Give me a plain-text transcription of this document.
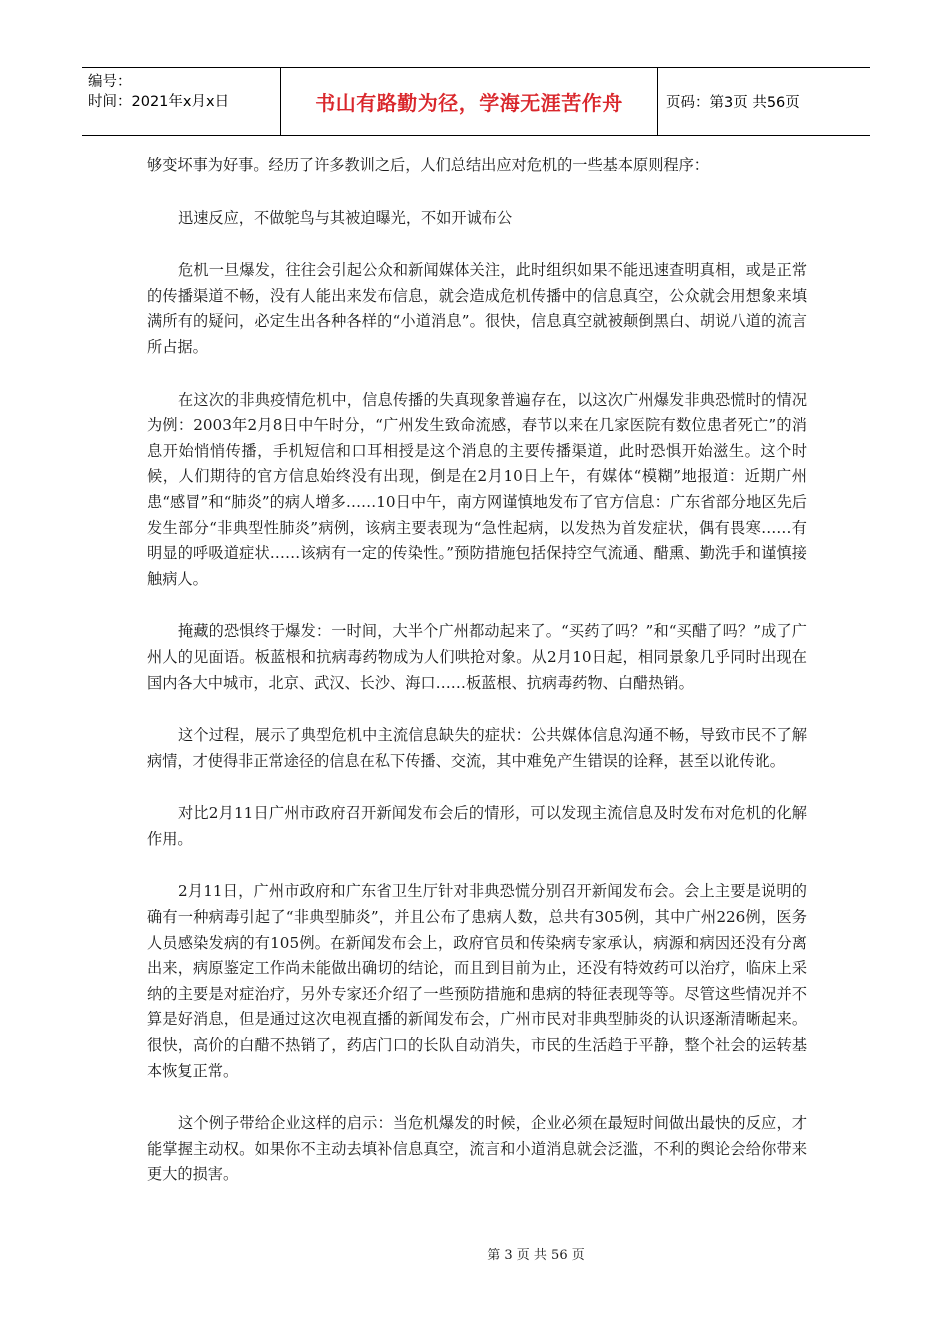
编号：
时间：2021年x月x日	书山有路勤为径，学海无涯苦作舟	页码：第3页 共56页

够变坏事为好事。经历了许多教训之后，人们总结出应对危机的一些基本原则程序：

迅速反应，不做鸵鸟与其被迫曝光，不如开诚布公

危机一旦爆发，往往会引起公众和新闻媒体关注，此时组织如果不能迅速查明真相，或是正常的传播渠道不畅，没有人能出来发布信息，就会造成危机传播中的信息真空，公众就会用想象来填满所有的疑问，必定生出各种各样的“小道消息”。很快，信息真空就被颠倒黑白、胡说八道的流言所占据。

在这次的非典疫情危机中，信息传播的失真现象普遍存在，以这次广州爆发非典恐慌时的情况为例：2003年2月8日中午时分，“广州发生致命流感，春节以来在几家医院有数位患者死亡”的消息开始悄悄传播，手机短信和口耳相授是这个消息的主要传播渠道，此时恐惧开始滋生。这个时候，人们期待的官方信息始终没有出现，倒是在2月10日上午，有媒体“模糊”地报道：近期广州患“感冒”和“肺炎”的病人增多……10日中午，南方网谨慎地发布了官方信息：广东省部分地区先后发生部分“非典型性肺炎”病例，该病主要表现为“急性起病，以发热为首发症状，偶有畏寒……有明显的呼吸道症状……该病有一定的传染性。”预防措施包括保持空气流通、醋熏、勤洗手和谨慎接触病人。

掩藏的恐惧终于爆发：一时间，大半个广州都动起来了。“买药了吗？”和“买醋了吗？”成了广州人的见面语。板蓝根和抗病毒药物成为人们哄抢对象。从2月10日起，相同景象几乎同时出现在国内各大中城市，北京、武汉、长沙、海口……板蓝根、抗病毒药物、白醋热销。

这个过程，展示了典型危机中主流信息缺失的症状：公共媒体信息沟通不畅，导致市民不了解病情，才使得非正常途径的信息在私下传播、交流，其中难免产生错误的诠释，甚至以讹传讹。

对比2月11日广州市政府召开新闻发布会后的情形，可以发现主流信息及时发布对危机的化解作用。

2月11日，广州市政府和广东省卫生厅针对非典恐慌分别召开新闻发布会。会上主要是说明的确有一种病毒引起了“非典型肺炎”，并且公布了患病人数，总共有305例，其中广州226例，医务人员感染发病的有105例。在新闻发布会上，政府官员和传染病专家承认，病源和病因还没有分离出来，病原鉴定工作尚未能做出确切的结论，而且到目前为止，还没有特效药可以治疗，临床上采纳的主要是对症治疗，另外专家还介绍了一些预防措施和患病的特征表现等等。尽管这些情况并不算是好消息，但是通过这次电视直播的新闻发布会，广州市民对非典型肺炎的认识逐渐清晰起来。很快，高价的白醋不热销了，药店门口的长队自动消失，市民的生活趋于平静，整个社会的运转基本恢复正常。

这个例子带给企业这样的启示：当危机爆发的时候，企业必须在最短时间做出最快的反应，才能掌握主动权。如果你不主动去填补信息真空，流言和小道消息就会泛滥，不利的舆论会给你带来更大的损害。

第 3 页 共 56 页
